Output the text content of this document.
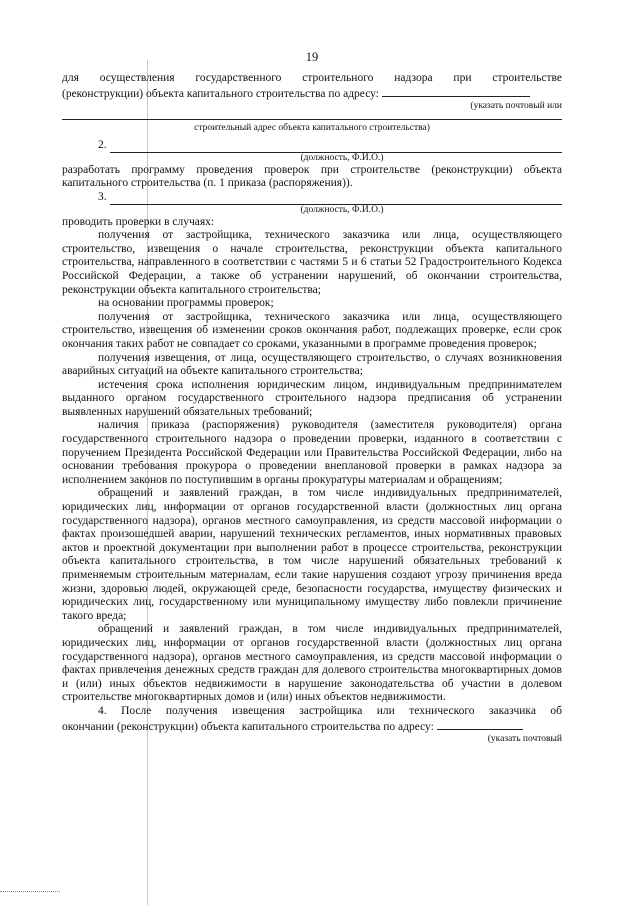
19

для осуществления государственного строительного надзора при строительстве

(реконструкции) объекта капитального строительства по адресу:

(указать почтовый или
строительный адрес объекта капитального строительства)
2.
(должность, Ф.И.О.)

разработать программу проведения проверок при строительстве (реконструкции) объекта капитального строительства (п. 1 приказа (распоряжения)).

3.
(должность, Ф.И.О.)

проводить проверки в случаях:

получения от застройщика, технического заказчика или лица, осуществляющего строительство, извещения о начале строительства, реконструкции объекта капитального строительства, направленного в соответствии с частями 5 и 6 статьи 52 Градостроительного Кодекса Российской Федерации, а также об устранении нарушений, об окончании строительства, реконструкции объекта капитального строительства;

на основании программы проверок;

получения от застройщика, технического заказчика или лица, осуществляющего строительство, извещения об изменении сроков окончания работ, подлежащих проверке, если срок окончания таких работ не совпадает со сроками, указанными в программе проведения проверок;

получения извещения, от лица, осуществляющего строительство, о случаях возникновения аварийных ситуаций на объекте капитального строительства;

истечения срока исполнения юридическим лицом, индивидуальным предпринимателем выданного органом государственного строительного надзора предписания об устранении выявленных нарушений обязательных требований;

наличия приказа (распоряжения) руководителя (заместителя руководителя) органа государственного строительного надзора о проведении проверки, изданного в соответствии с поручением Президента Российской Федерации или Правительства Российской Федерации, либо на основании требования прокурора о проведении внеплановой проверки в рамках надзора за исполнением законов по поступившим в органы прокуратуры материалам и обращениям;

обращений и заявлений граждан, в том числе индивидуальных предпринимателей, юридических лиц, информации от органов государственной власти (должностных лиц органа государственного надзора), органов местного самоуправления, из средств массовой информации о фактах произошедшей аварии, нарушений технических регламентов, иных нормативных правовых актов и проектной документации при выполнении работ в процессе строительства, реконструкции объекта капитального строительства, в том числе нарушений обязательных требований к применяемым строительным материалам, если такие нарушения создают угрозу причинения вреда жизни, здоровью людей, окружающей среде, безопасности государства, имуществу физических и юридических лиц, государственному или муниципальному имуществу либо повлекли причинение такого вреда;

обращений и заявлений граждан, в том числе индивидуальных предпринимателей, юридических лиц, информации от органов государственной власти (должностных лиц органа государственного надзора), органов местного самоуправления, из средств массовой информации о фактах привлечения денежных средств граждан для долевого строительства многоквартирных домов и (или) иных объектов недвижимости в нарушение законодательства об участии в долевом строительстве многоквартирных домов и (или) иных объектов недвижимости.

4. После получения извещения застройщика или технического заказчика об

окончании (реконструкции) объекта капитального строительства по адресу:

(указать почтовый
